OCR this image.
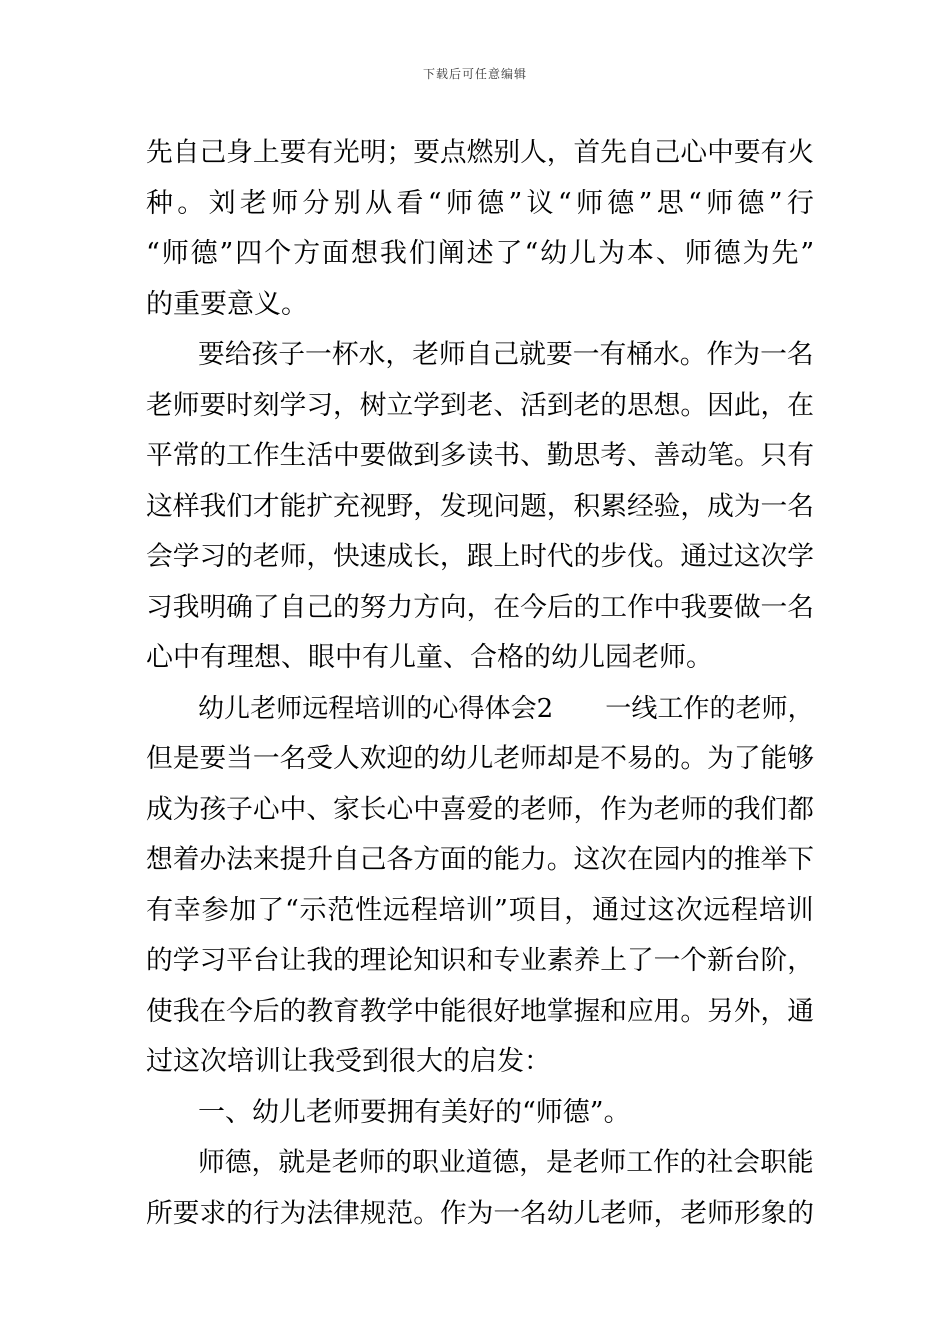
下载后可任意编辑
先自己身上要有光明；要点燃别人，首先自己心中要有火
种。刘老师分别从看“师德”议“师德”思“师德”行
“师德”四个方面想我们阐述了“幼儿为本、师德为先”
的重要意义。
要给孩子一杯水，老师自己就要一有桶水。作为一名
老师要时刻学习，树立学到老、活到老的思想。因此，在
平常的工作生活中要做到多读书、勤思考、善动笔。只有
这样我们才能扩充视野，发现问题，积累经验，成为一名
会学习的老师，快速成长，跟上时代的步伐。通过这次学
习我明确了自己的努力方向，在今后的工作中我要做一名
心中有理想、眼中有儿童、合格的幼儿园老师。
幼儿老师远程培训的心得体会2　　一线工作的老师，
但是要当一名受人欢迎的幼儿老师却是不易的。为了能够
成为孩子心中、家长心中喜爱的老师，作为老师的我们都
想着办法来提升自己各方面的能力。这次在园内的推举下
有幸参加了“示范性远程培训”项目，通过这次远程培训
的学习平台让我的理论知识和专业素养上了一个新台阶，
使我在今后的教育教学中能很好地掌握和应用。另外，通
过这次培训让我受到很大的启发：
一、幼儿老师要拥有美好的“师德”。
师德，就是老师的职业道德，是老师工作的社会职能
所要求的行为法律规范。作为一名幼儿老师，老师形象的
